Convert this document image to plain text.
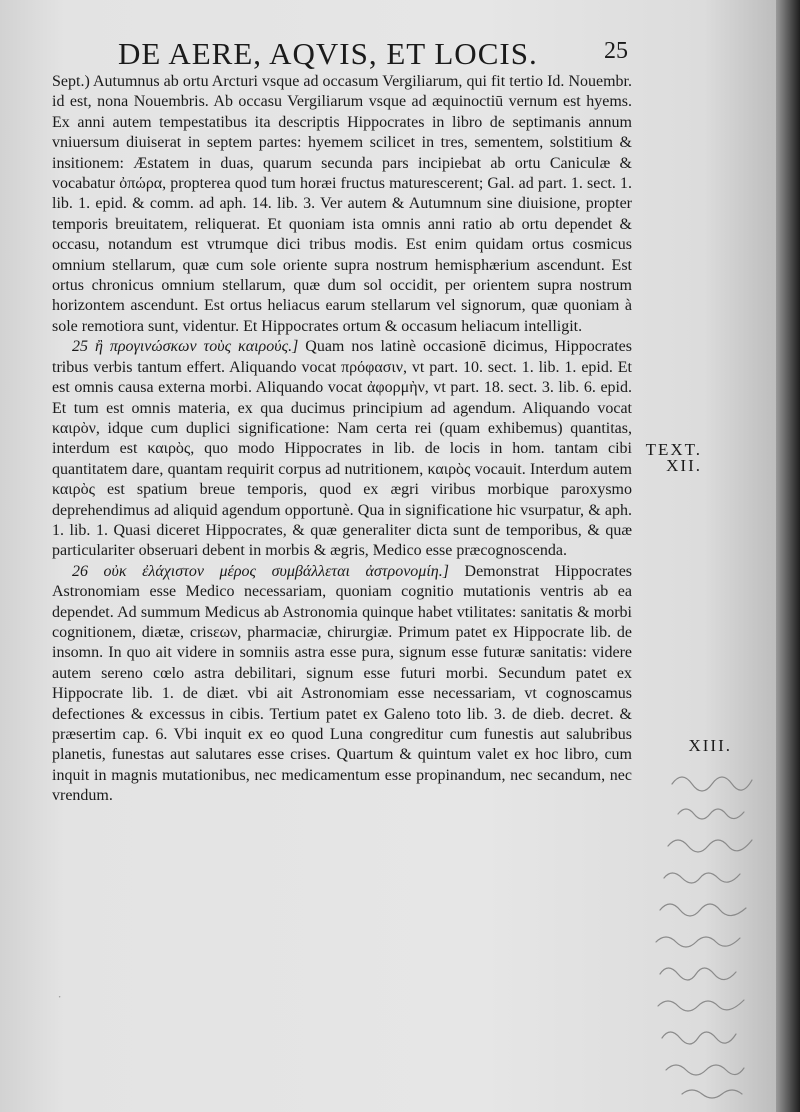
DE AERE, AQVIS, ET LOCIS.	25

Sept.) Autumnus ab ortu Arcturi vsque ad occasum Vergiliarum, qui fit tertio Id. Nouembr. id est, nona Nouembris. Ab occasu Vergiliarum vsque ad æquinoctiū vernum est hyems. Ex anni autem tempestatibus ita descriptis Hippocrates in libro de septimanis annum vniuersum diuiserat in septem partes: hyemem scilicet in tres, sementem, solstitium & insitionem: Æstatem in duas, quarum secunda pars incipiebat ab ortu Caniculæ & vocabatur ὀπώρα, propterea quod tum horæi fructus maturescerent; Gal. ad part. 1. sect. 1. lib. 1. epid. & comm. ad aph. 14. lib. 3. Ver autem & Autumnum sine diuisione, propter temporis breuitatem, reliquerat. Et quoniam ista omnis anni ratio ab ortu dependet & occasu, notandum est vtrumque dici tribus modis. Est enim quidam ortus cosmicus omnium stellarum, quæ cum sole oriente supra nostrum hemisphærium ascendunt. Est ortus chronicus omnium stellarum, quæ dum sol occidit, per orientem supra nostrum horizontem ascendunt. Est ortus heliacus earum stellarum vel signorum, quæ quoniam à sole remotiora sunt, videntur. Et Hippocrates ortum & occasum heliacum intelligit.

25 ἢ προγινώσκων τοὺς καιρούς.] Quam nos latinè occasionē dicimus, Hippocrates tribus verbis tantum effert. Aliquando vocat πρόφασιν, vt part. 10. sect. 1. lib. 1. epid. Et est omnis causa externa morbi. Aliquando vocat ἀφορμὴν, vt part. 18. sect. 3. lib. 6. epid. Et tum est omnis materia, ex qua ducimus principium ad agendum. Aliquando vocat καιρὸν, idque cum duplici significatione: Nam certa rei (quam exhibemus) quantitas, interdum est καιρὸς, quo modo Hippocrates in lib. de locis in hom. tantam cibi quantitatem dare, quantam requirit corpus ad nutritionem, καιρὸς vocauit. Interdum autem καιρὸς est spatium breue temporis, quod ex ægri viribus morbique paroxysmo deprehendimus ad aliquid agendum opportunè. Qua in significatione hic vsurpatur, & aph. 1. lib. 1. Quasi diceret Hippocrates, & quæ generaliter dicta sunt de temporibus, & quæ particulariter obseruari debent in morbis & ægris, Medico esse præcognoscenda.

26 οὐκ ἐλάχιστον μέρος συμβάλλεται ἀστρονομίη.] Demonstrat Hippocrates Astronomiam esse Medico necessariam, quoniam cognitio mutationis ventris ab ea dependet. Ad summum Medicus ab Astronomia quinque habet vtilitates: sanitatis & morbi cognitionem, diætæ, crisεων, pharmaciæ, chirurgiæ. Primum patet ex Hippocrate lib. de insomn. In quo ait videre in somniis astra esse pura, signum esse futuræ sanitatis: videre autem sereno cœlo astra debilitari, signum esse futuri morbi. Secundum patet ex Hippocrate lib. 1. de diæt. vbi ait Astronomiam esse necessariam, vt cognoscamus defectiones & excessus in cibis. Tertium patet ex Galeno toto lib. 3. de dieb. decret. & præsertim cap. 6. Vbi inquit ex eo quod Luna congreditur cum funestis aut salubribus planetis, funestas aut salutares esse crises. Quartum & quintum valet ex hoc libro, cum inquit in magnis mutationibus, nec medicamentum esse propinandum, nec secandum, nec vrendum.

TEXT.
XII.
XIII.
.
